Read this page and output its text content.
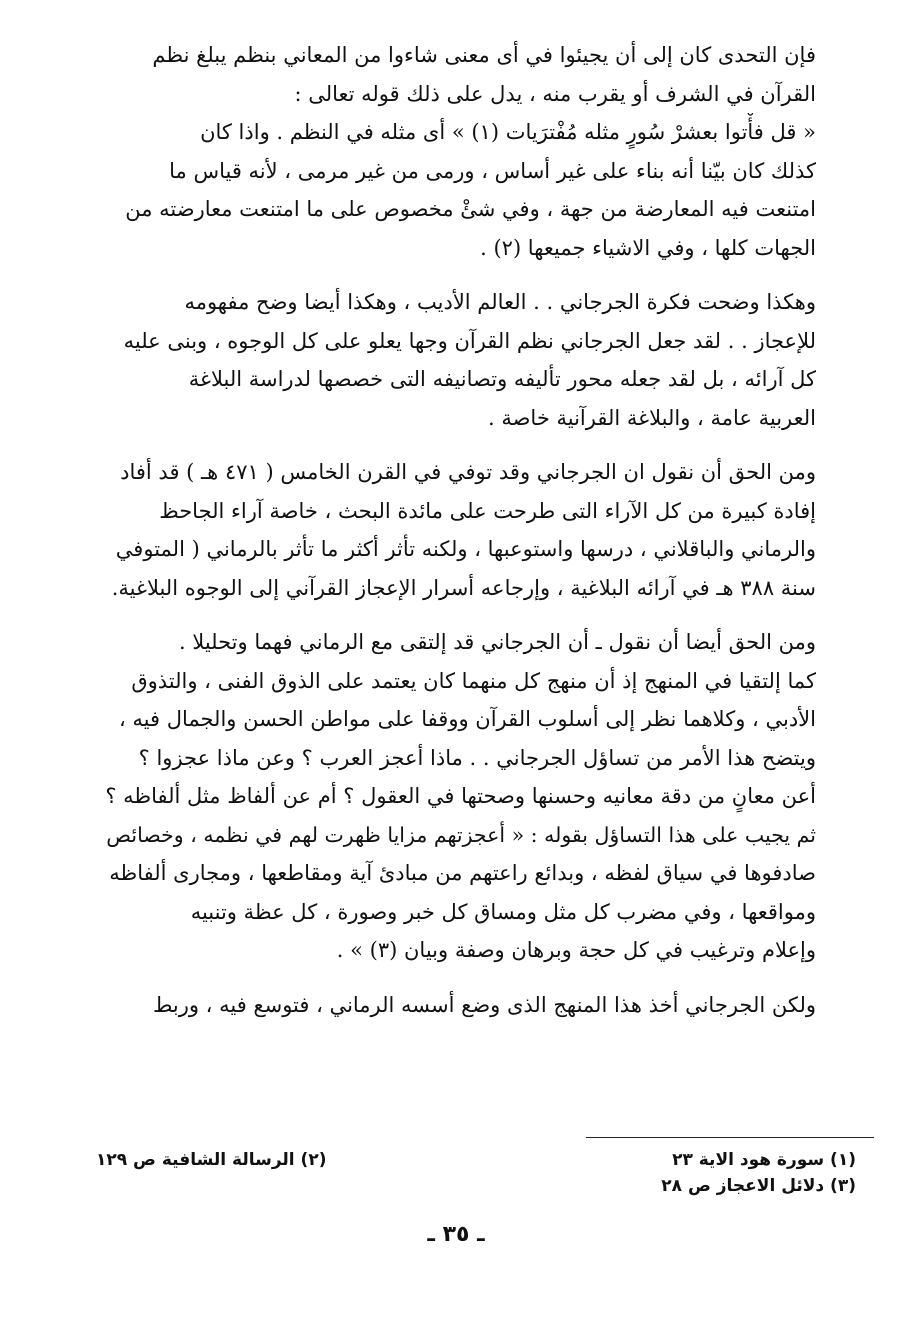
فإن التحدى كان إلى أن يجيئوا في أى معنى شاءوا من المعاني بنظم يبلغ نظم
القرآن في الشرف أو يقرب منه ، يدل على ذلك قوله تعالى :
« قل فأْتوا بعشرْ سُورٍ مثله مُفْترَيات (١) » أى مثله في النظم . واذا كان
كذلك كان بيّنا أنه بناء على غير أساس ، ورمى من غير مرمى ، لأنه قياس ما
امتنعت فيه المعارضة من جهة ، وفي شئْ مخصوص على ما امتنعت معارضته من
الجهات كلها ، وفي الاشياء جميعها (٢) .
وهكذا وضحت فكرة الجرجاني . . العالم الأديب ، وهكذا أيضا وضح مفهومه
للإعجاز . . لقد جعل الجرجاني نظم القرآن وجها يعلو على كل الوجوه ، وبنى عليه
كل آرائه ، بل لقد جعله محور تأليفه وتصانيفه التى خصصها لدراسة البلاغة
العربية عامة ، والبلاغة القرآنية خاصة .
ومن الحق أن نقول ان الجرجاني وقد توفي في القرن الخامس ( ٤٧١ هـ ) قد أفاد
إفادة كبيرة من كل الآراء التى طرحت على مائدة البحث ، خاصة آراء الجاحظ
والرماني والباقلاني ، درسها واستوعبها ، ولكنه تأثر أكثر ما تأثر بالرماني ( المتوفي
سنة ٣٨٨ هـ في آرائه البلاغية ، وإرجاعه أسرار الإعجاز القرآني إلى الوجوه البلاغية.
ومن الحق أيضا أن نقول ـ أن الجرجاني قد إلتقى مع الرماني فهما وتحليلا .
كما إلتقيا في المنهج إذ أن منهج كل منهما كان يعتمد على الذوق الفنى ، والتذوق
الأدبي ، وكلاهما نظر إلى أسلوب القرآن ووقفا على مواطن الحسن والجمال فيه ،
ويتضح هذا الأمر من تساؤل الجرجاني . . ماذا أعجز العرب ؟ وعن ماذا عجزوا ؟
أعن معانٍ من دقة معانيه وحسنها وصحتها في العقول ؟ أم عن ألفاظ مثل ألفاظه ؟
ثم يجيب على هذا التساؤل بقوله : « أعجزتهم مزايا ظهرت لهم في نظمه ، وخصائص
صادفوها في سياق لفظه ، وبدائع راعتهم من مبادئ آية ومقاطعها ، ومجارى ألفاظه
ومواقعها ، وفي مضرب كل مثل ومساق كل خبر وصورة ، كل عظة وتنبيه
وإعلام وترغيب في كل حجة وبرهان وصفة وبيان (٣) » .
ولكن الجرجاني أخذ هذا المنهج الذى وضع أسسه الرماني ، فتوسع فيه ، وربط
(١) سورة هود الاية ٢٣
(٢) الرسالة الشافية ص ١٢٩
(٣) دلائل الاعجاز ص ٢٨
ـ ٣٥ ـ
